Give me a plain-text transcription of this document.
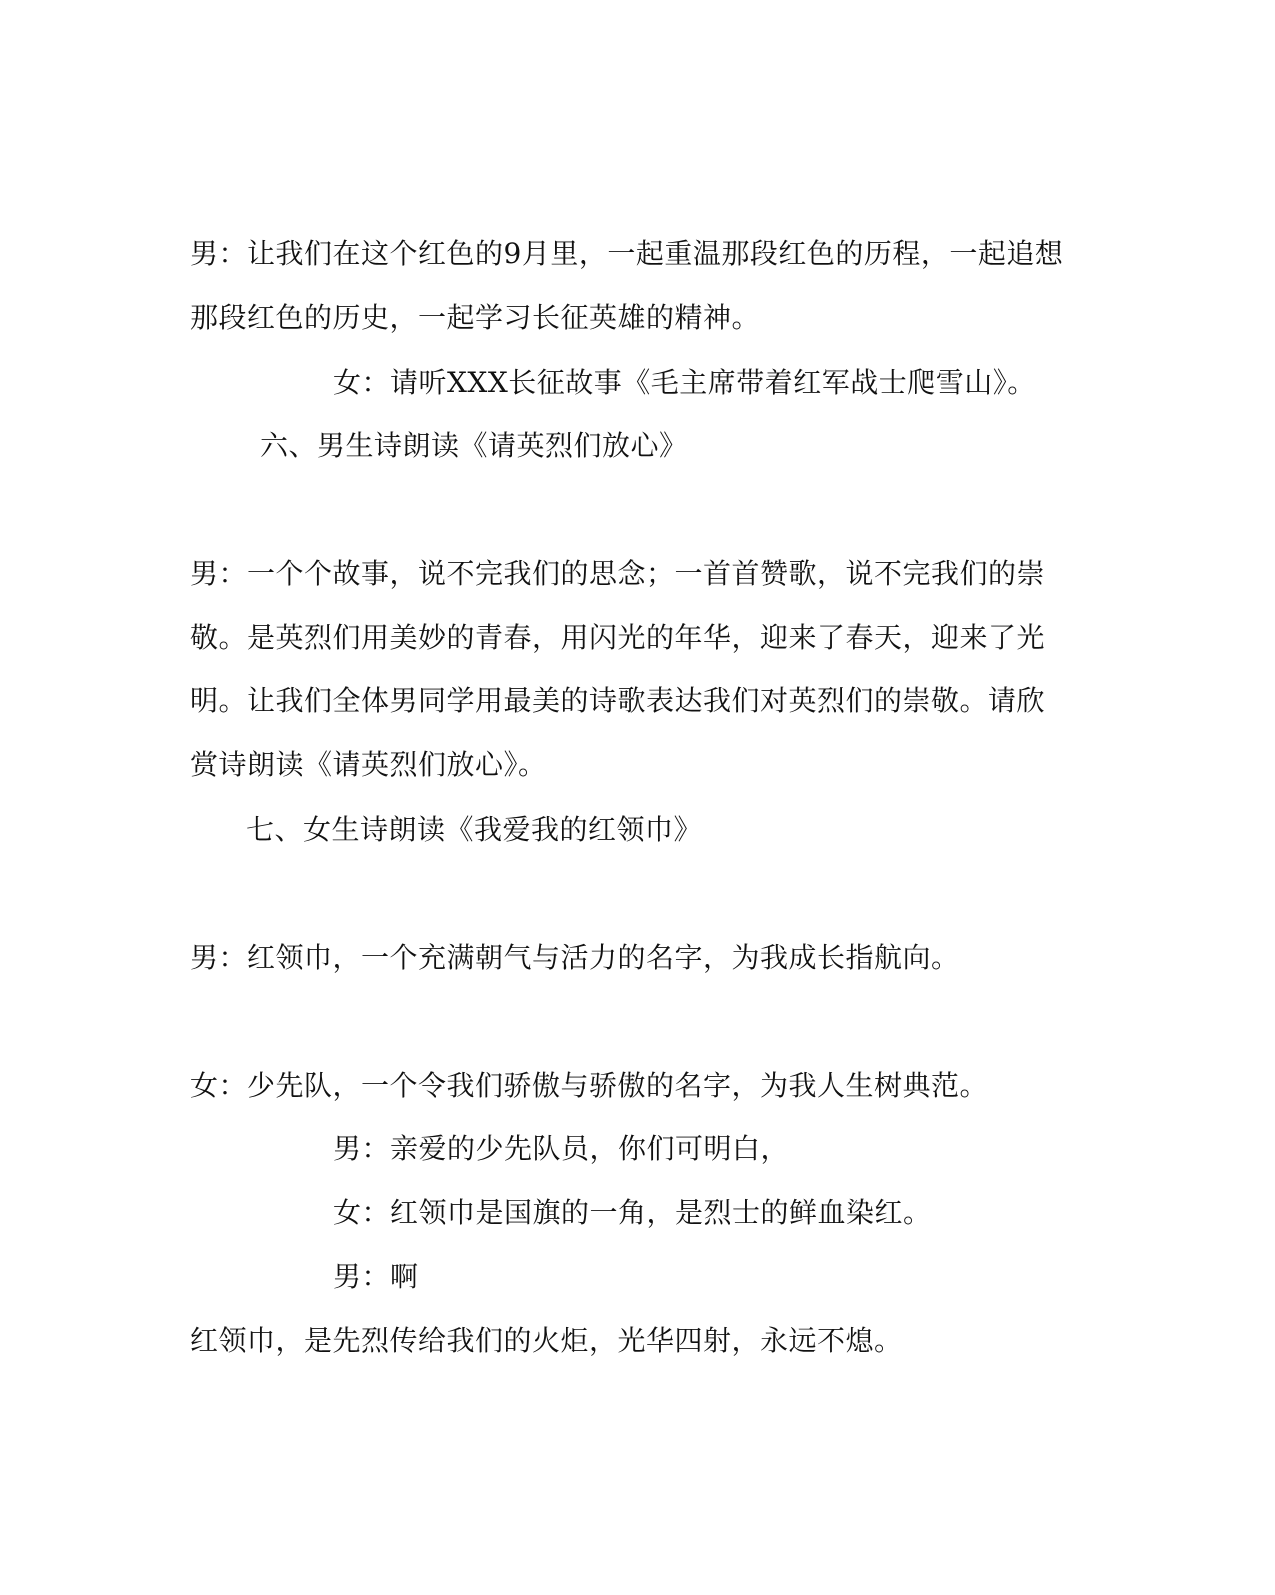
男：让我们在这个红色的9月里，一起重温那段红色的历程，一起追想
那段红色的历史，一起学习长征英雄的精神。
女：请听XXX长征故事《毛主席带着红军战士爬雪山》。
六、男生诗朗读《请英烈们放心》
男：一个个故事，说不完我们的思念；一首首赞歌，说不完我们的崇
敬。是英烈们用美妙的青春，用闪光的年华，迎来了春天，迎来了光
明。让我们全体男同学用最美的诗歌表达我们对英烈们的崇敬。请欣
赏诗朗读《请英烈们放心》。
七、女生诗朗读《我爱我的红领巾》
男：红领巾，一个充满朝气与活力的名字，为我成长指航向。
女：少先队，一个令我们骄傲与骄傲的名字，为我人生树典范。
男：亲爱的少先队员，你们可明白，
女：红领巾是国旗的一角，是烈士的鲜血染红。
男：啊
红领巾，是先烈传给我们的火炬，光华四射，永远不熄。
